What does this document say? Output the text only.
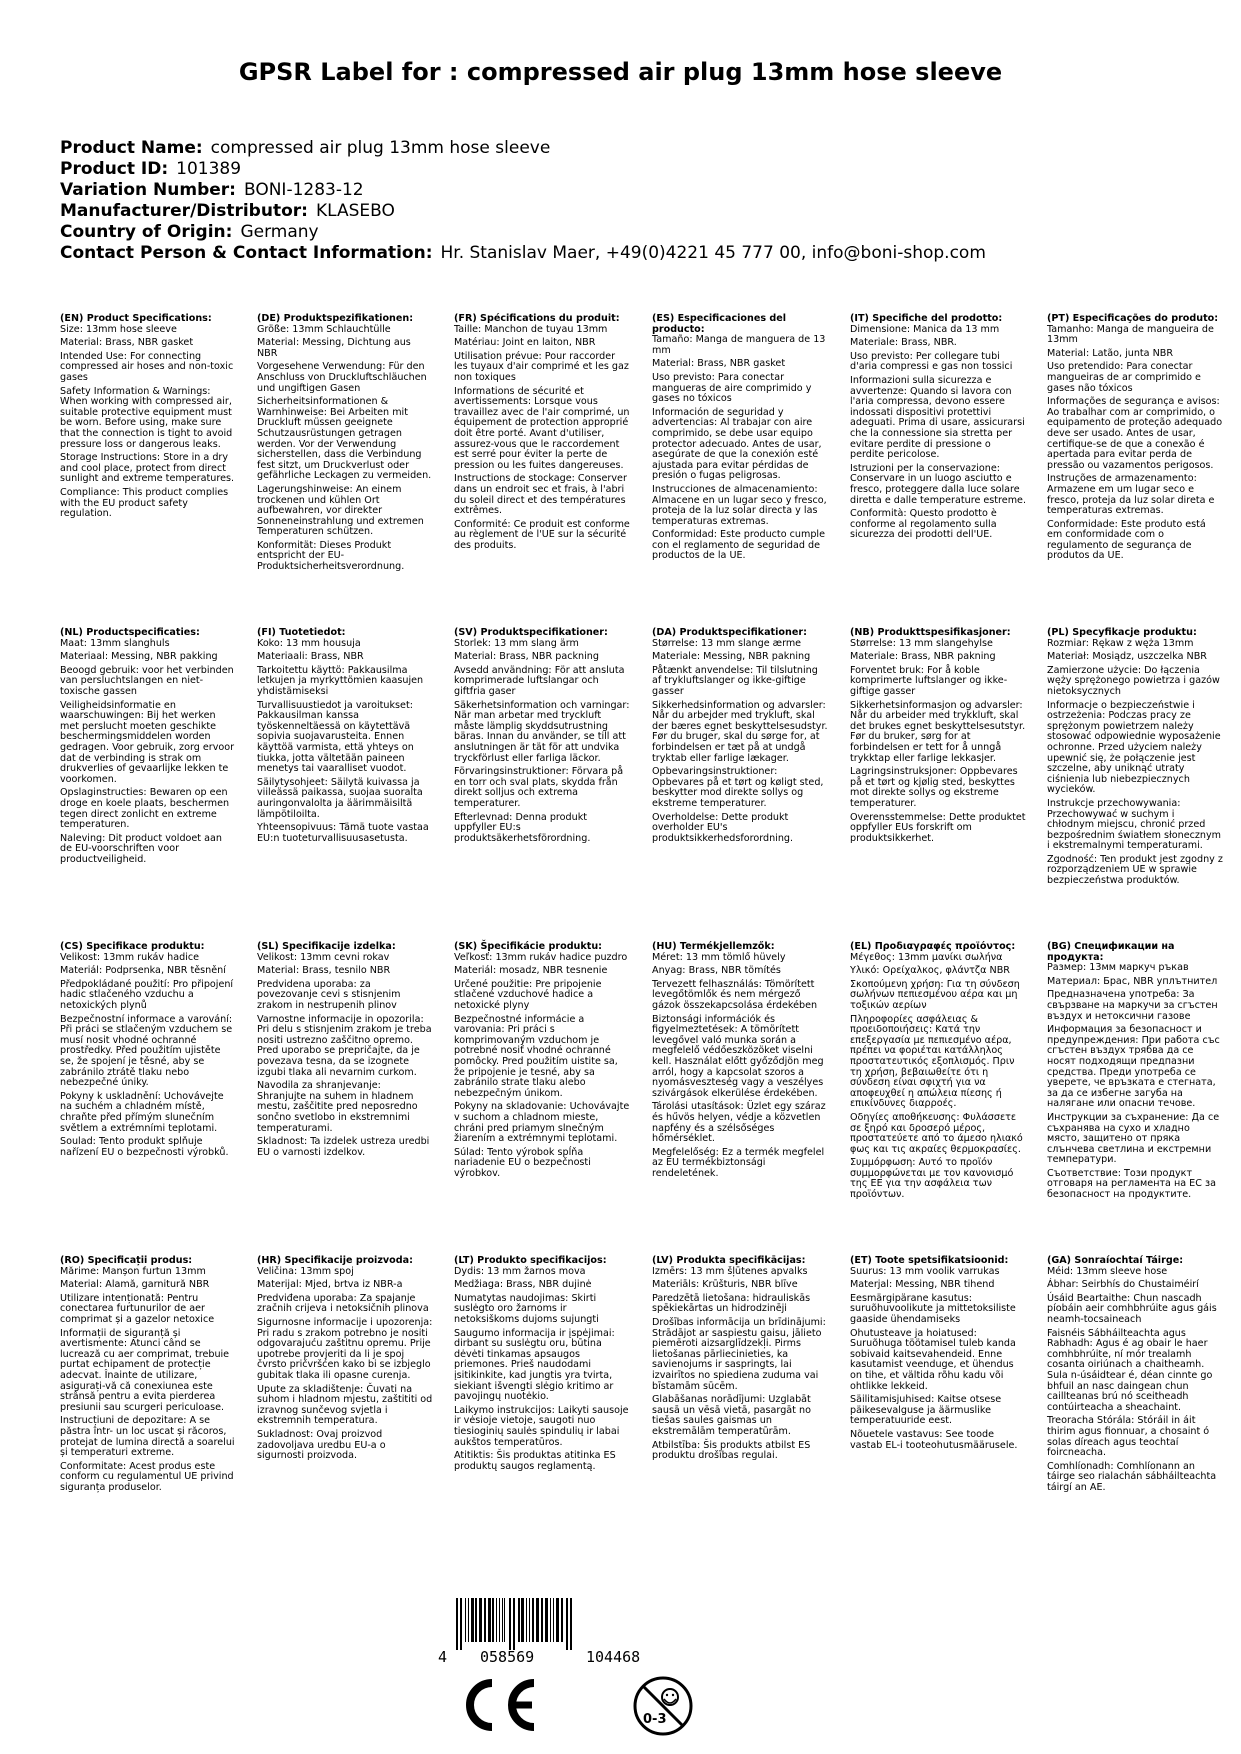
GPSR Label for : compressed air plug 13mm hose sleeve
Product Name: compressed air plug 13mm hose sleeve
Product ID: 101389
Variation Number: BONI-1283-12
Manufacturer/Distributor: KLASEBO
Country of Origin: Germany
Contact Person & Contact Information: Hr. Stanislav Maer, +49(0)4221 45 777 00, info@boni-shop.com
(EN) Product Specifications:
Size: 13mm hose sleeve
Material: Brass, NBR gasket
Intended Use: For connecting compressed air hoses and non-toxic gases
Safety Information & Warnings: When working with compressed air, suitable protective equipment must be worn. Before using, make sure that the connection is tight to avoid pressure loss or dangerous leaks.
Storage Instructions: Store in a dry and cool place, protect from direct sunlight and extreme temperatures.
Compliance: This product complies with the EU product safety regulation.
(DE) Produktspezifikationen:
Größe: 13mm Schlauchtülle
Material: Messing, Dichtung aus NBR
Vorgesehene Verwendung: Für den Anschluss von Druckluftschläuchen und ungiftigen Gasen
Sicherheitsinformationen & Warnhinweise: Bei Arbeiten mit Druckluft müssen geeignete Schutzausrüstungen getragen werden. Vor der Verwendung sicherstellen, dass die Verbindung fest sitzt, um Druckverlust oder gefährliche Leckagen zu vermeiden.
Lagerungshinweise: An einem trockenen und kühlen Ort aufbewahren, vor direkter Sonneneinstrahlung und extremen Temperaturen schützen.
Konformität: Dieses Produkt entspricht der EU-Produktsicherheitsverordnung.
(FR) Spécifications du produit:
Taille: Manchon de tuyau 13mm
Matériau: Joint en laiton, NBR
Utilisation prévue: Pour raccorder les tuyaux d'air comprimé et les gaz non toxiques
Informations de sécurité et avertissements: Lorsque vous travaillez avec de l'air comprimé, un équipement de protection approprié doit être porté. Avant d'utiliser, assurez-vous que le raccordement est serré pour éviter la perte de pression ou les fuites dangereuses.
Instructions de stockage: Conserver dans un endroit sec et frais, à l'abri du soleil direct et des températures extrêmes.
Conformité: Ce produit est conforme au règlement de l'UE sur la sécurité des produits.
(ES) Especificaciones del producto:
Tamaño: Manga de manguera de 13 mm
Material: Brass, NBR gasket
Uso previsto: Para conectar mangueras de aire comprimido y gases no tóxicos
Información de seguridad y advertencias: Al trabajar con aire comprimido, se debe usar equipo protector adecuado. Antes de usar, asegúrate de que la conexión esté ajustada para evitar pérdidas de presión o fugas peligrosas.
Instrucciones de almacenamiento: Almacene en un lugar seco y fresco, proteja de la luz solar directa y las temperaturas extremas.
Conformidad: Este producto cumple con el reglamento de seguridad de productos de la UE.
(IT) Specifiche del prodotto:
Dimensione: Manica da 13 mm
Materiale: Brass, NBR.
Uso previsto: Per collegare tubi d'aria compressi e gas non tossici
Informazioni sulla sicurezza e avvertenze: Quando si lavora con l'aria compressa, devono essere indossati dispositivi protettivi adeguati. Prima di usare, assicurarsi che la connessione sia stretta per evitare perdite di pressione o perdite pericolose.
Istruzioni per la conservazione: Conservare in un luogo asciutto e fresco, proteggere dalla luce solare diretta e dalle temperature estreme.
Conformità: Questo prodotto è conforme al regolamento sulla sicurezza dei prodotti dell'UE.
(PT) Especificações do produto:
Tamanho: Manga de mangueira de 13mm
Material: Latão, junta NBR
Uso pretendido: Para conectar mangueiras de ar comprimido e gases não tóxicos
Informações de segurança e avisos: Ao trabalhar com ar comprimido, o equipamento de proteção adequado deve ser usado. Antes de usar, certifique-se de que a conexão é apertada para evitar perda de pressão ou vazamentos perigosos.
Instruções de armazenamento: Armazene em um lugar seco e fresco, proteja da luz solar direta e temperaturas extremas.
Conformidade: Este produto está em conformidade com o regulamento de segurança de produtos da UE.
(NL) Productspecificaties:
Maat: 13mm slanghuls
Materiaal: Messing, NBR pakking
Beoogd gebruik: voor het verbinden van persluchtslangen en niet-toxische gassen
Veiligheidsinformatie en waarschuwingen: Bij het werken met perslucht moeten geschikte beschermingsmiddelen worden gedragen. Voor gebruik, zorg ervoor dat de verbinding is strak om drukverlies of gevaarlijke lekken te voorkomen.
Opslaginstructies: Bewaren op een droge en koele plaats, beschermen tegen direct zonlicht en extreme temperaturen.
Naleving: Dit product voldoet aan de EU-voorschriften voor productveiligheid.
(FI) Tuotetiedot:
Koko: 13 mm housuja
Materiaali: Brass, NBR
Tarkoitettu käyttö: Pakkausilma letkujen ja myrkyttömien kaasujen yhdistämiseksi
Turvallisuustiedot ja varoitukset: Pakkausilman kanssa työskenneltäessä on käytettävä sopivia suojavarusteita. Ennen käyttöä varmista, että yhteys on tiukka, jotta vältetään paineen menetys tai vaaralliset vuodot.
Säilytysohjeet: Säilytä kuivassa ja viileässä paikassa, suojaa suoralta auringonvalolta ja äärimmäisiltä lämpötiloilta.
Yhteensopivuus: Tämä tuote vastaa EU:n tuoteturvallisuusasetusta.
(SV) Produktspecifikationer:
Storlek: 13 mm slang ärm
Material: Brass, NBR packning
Avsedd användning: För att ansluta komprimerade luftslangar och giftfria gaser
Säkerhetsinformation och varningar: När man arbetar med tryckluft måste lämplig skyddsutrustning bäras. Innan du använder, se till att anslutningen är tät för att undvika tryckförlust eller farliga läckor.
Förvaringsinstruktioner: Förvara på en torr och sval plats, skydda från direkt solljus och extrema temperaturer.
Efterlevnad: Denna produkt uppfyller EU:s produktsäkerhetsförordning.
(DA) Produktspecifikationer:
Størrelse: 13 mm slange ærme
Materiale: Messing, NBR pakning
Påtænkt anvendelse: Til tilslutning af trykluftslanger og ikke-giftige gasser
Sikkerhedsinformation og advarsler: Når du arbejder med trykluft, skal der bæres egnet beskyttelsesudstyr. Før du bruger, skal du sørge for, at forbindelsen er tæt på at undgå tryktab eller farlige lækager.
Opbevaringsinstruktioner: Opbevares på et tørt og køligt sted, beskytter mod direkte sollys og ekstreme temperaturer.
Overholdelse: Dette produkt overholder EU's produktsikkerhedsforordning.
(NB) Produkttspesifikasjoner:
Størrelse: 13 mm slangehylse
Materiale: Brass, NBR pakning
Forventet bruk: For å koble komprimerte luftslanger og ikke-giftige gasser
Sikkerhetsinformasjon og advarsler: Når du arbeider med trykkluft, skal det brukes egnet beskyttelsesutstyr. Før du bruker, sørg for at forbindelsen er tett for å unngå trykktap eller farlige lekkasjer.
Lagringsinstruksjoner: Oppbevares på et tørt og kjølig sted, beskyttes mot direkte sollys og ekstreme temperaturer.
Overensstemmelse: Dette produktet oppfyller EUs forskrift om produktsikkerhet.
(PL) Specyfikacje produktu:
Rozmiar: Rękaw z węża 13mm
Materiał: Mosiądz, uszczelka NBR
Zamierzone użycie: Do łączenia węży sprężonego powietrza i gazów nietoksycznych
Informacje o bezpieczeństwie i ostrzeżenia: Podczas pracy ze sprężonym powietrzem należy stosować odpowiednie wyposażenie ochronne. Przed użyciem należy upewnić się, że połączenie jest szczelne, aby uniknąć utraty ciśnienia lub niebezpiecznych wycieków.
Instrukcje przechowywania: Przechowywać w suchym i chłodnym miejscu, chronić przed bezpośrednim światłem słonecznym i ekstremalnymi temperaturami.
Zgodność: Ten produkt jest zgodny z rozporządzeniem UE w sprawie bezpieczeństwa produktów.
(CS) Specifikace produktu:
Velikost: 13mm rukáv hadice
Materiál: Podprsenka, NBR těsnění
Předpokládané použití: Pro připojení hadic stlačeného vzduchu a netoxických plynů
Bezpečnostní informace a varování: Při práci se stlačeným vzduchem se musí nosit vhodné ochranné prostředky. Před použitím ujistěte se, že spojení je těsné, aby se zabránilo ztrátě tlaku nebo nebezpečné úniky.
Pokyny k uskladnění: Uchovávejte na suchém a chladném místě, chraňte před přímým slunečním světlem a extrémními teplotami.
Soulad: Tento produkt splňuje nařízení EU o bezpečnosti výrobků.
(SL) Specifikacije izdelka:
Velikost: 13mm cevni rokav
Material: Brass, tesnilo NBR
Predvidena uporaba: za povezovanje cevi s stisnjenim zrakom in nestrupenih plinov
Varnostne informacije in opozorila: Pri delu s stisnjenim zrakom je treba nositi ustrezno zaščitno opremo. Pred uporabo se prepričajte, da je povezava tesna, da se izognete izgubi tlaka ali nevarnim curkom.
Navodila za shranjevanje: Shranjujte na suhem in hladnem mestu, zaščitite pred neposredno sončno svetlobo in ekstremnimi temperaturami.
Skladnost: Ta izdelek ustreza uredbi EU o varnosti izdelkov.
(SK) Špecifikácie produktu:
Veľkosť: 13mm rukáv hadice puzdro
Materiál: mosadz, NBR tesnenie
Určené použitie: Pre pripojenie stlačené vzduchové hadice a netoxické plyny
Bezpečnostné informácie a varovania: Pri práci s komprimovaným vzduchom je potrebné nosiť vhodné ochranné pomôcky. Pred použitím uistite sa, že pripojenie je tesné, aby sa zabránilo strate tlaku alebo nebezpečným únikom.
Pokyny na skladovanie: Uchovávajte v suchom a chladnom mieste, chráni pred priamym slnečným žiarením a extrémnymi teplotami.
Súlad: Tento výrobok spĺňa nariadenie EÚ o bezpečnosti výrobkov.
(HU) Termékjellemzők:
Méret: 13 mm tömlő hüvely
Anyag: Brass, NBR tömítés
Tervezett felhasználás: Tömörített levegőtömlők és nem mérgező gázok összekapcsolása érdekében
Biztonsági információk és figyelmeztetések: A tömörített levegővel való munka során a megfelelő védőeszközöket viselni kell. Használat előtt győződjön meg arról, hogy a kapcsolat szoros a nyomásveszteség vagy a veszélyes szivárgások elkerülése érdekében.
Tárolási utasítások: Üzlet egy száraz és hűvös helyen, védje a közvetlen napfény és a szélsőséges hőmérséklet.
Megfelelőség: Ez a termék megfelel az EU termékbiztonsági rendeletének.
(EL) Προδιαγραφές προϊόντος:
Μέγεθος: 13mm μανίκι σωλήνα
Υλικό: Ορείχαλκος, φλάντζα NBR
Σκοπούμενη χρήση: Για τη σύνδεση σωλήνων πεπιεσμένου αέρα και μη τοξικών αερίων
Πληροφορίες ασφάλειας & προειδοποιήσεις: Κατά την επεξεργασία με πεπιεσμένο αέρα, πρέπει να φοριέται κατάλληλος προστατευτικός εξοπλισμός. Πριν τη χρήση, βεβαιωθείτε ότι η σύνδεση είναι σφιχτή για να αποφευχθεί η απώλεια πίεσης ή επικίνδυνες διαρροές.
Οδηγίες αποθήκευσης: Φυλάσσετε σε ξηρό και δροσερό μέρος, προστατεύετε από το άμεσο ηλιακό φως και τις ακραίες θερμοκρασίες.
Συμμόρφωση: Αυτό το προϊόν συμμορφώνεται με τον κανονισμό της ΕΕ για την ασφάλεια των προϊόντων.
(BG) Спецификации на продукта:
Размер: 13мм маркуч ръкав
Материал: Брас, NBR уплътнител
Предназначена употреба: За свързване на маркучи за сгъстен въздух и нетоксични газове
Информация за безопасност и предупреждения: При работа със сгъстен въздух трябва да се носят подходящи предпазни средства. Преди употреба се уверете, че връзката е стегната, за да се избегне загуба на налягане или опасни течове.
Инструкции за съхранение: Да се съхранява на сухо и хладно място, защитено от пряка слънчева светлина и екстремни температури.
Съответствие: Този продукт отговаря на регламента на ЕС за безопасност на продуктите.
(RO) Specificații produs:
Mărime: Manșon furtun 13mm
Material: Alamă, garnitură NBR
Utilizare intenționată: Pentru conectarea furtunurilor de aer comprimat și a gazelor netoxice
Informații de siguranță și avertismente: Atunci când se lucrează cu aer comprimat, trebuie purtat echipament de protecție adecvat. Înainte de utilizare, asigurați-vă că conexiunea este strânsă pentru a evita pierderea presiunii sau scurgeri periculoase.
Instrucțiuni de depozitare: A se păstra într- un loc uscat și răcoros, protejat de lumina directă a soarelui și temperaturi extreme.
Conformitate: Acest produs este conform cu regulamentul UE privind siguranța produselor.
(HR) Specifikacije proizvoda:
Veličina: 13mm spoj
Materijal: Mjed, brtva iz NBR-a
Predviđena uporaba: Za spajanje zračnih crijeva i netoksičnih plinova
Sigurnosne informacije i upozorenja: Pri radu s zrakom potrebno je nositi odgovarajuću zaštitnu opremu. Prije upotrebe provjeriti da li je spoj čvrsto pričvršćen kako bi se izbjeglo gubitak tlaka ili opasne curenja.
Upute za skladištenje: Čuvati na suhom i hladnom mjestu, zaštititi od izravnog sunčevog svjetla i ekstremnih temperatura.
Sukladnost: Ovaj proizvod zadovoljava uredbu EU-a o sigurnosti proizvoda.
(LT) Produkto specifikacijos:
Dydis: 13 mm žarnos mova
Medžiaga: Brass, NBR dujinė
Numatytas naudojimas: Skirti suslėgto oro žarnoms ir netoksiškoms dujoms sujungti
Saugumo informacija ir įspėjimai: dirbant su suslėgtu oru, būtina dėvėti tinkamas apsaugos priemones. Prieš naudodami įsitikinkite, kad jungtis yra tvirta, siekiant išvengti slėgio kritimo ar pavojingų nuotėkio.
Laikymo instrukcijos: Laikyti sausoje ir vėsioje vietoje, saugoti nuo tiesioginių saulės spindulių ir labai aukštos temperatūros.
Atitiktis: Šis produktas atitinka ES produktų saugos reglamentą.
(LV) Produkta specifikācijas:
Izmērs: 13 mm šļūtenes apvalks
Materiāls: Krūšturis, NBR blīve
Paredzētā lietošana: hidrauliskās spēkiekārtas un hidrodzinēji
Drošības informācija un brīdinājumi: Strādājot ar saspiestu gaisu, jālieto piemēroti aizsarglīdzekļi. Pirms lietošanas pārliecinieties, ka savienojums ir saspringts, lai izvairītos no spiediena zuduma vai bīstamām sūcēm.
Glabāšanas norādījumi: Uzglabāt sausā un vēsā vietā, pasargāt no tiešas saules gaismas un ekstremālām temperatūrām.
Atbilstība: Šis produkts atbilst ES produktu drošības regulai.
(ET) Toote spetsifikatsioonid:
Suurus: 13 mm voolik varrukas
Materjal: Messing, NBR tihend
Eesmärgipärane kasutus: suruõhuvoolikute ja mittetoksiliste gaaside ühendamiseks
Ohutusteave ja hoiatused: Suruõhuga töötamisel tuleb kanda sobivaid kaitsevahendeid. Enne kasutamist veenduge, et ühendus on tihe, et vältida rõhu kadu või ohtlikke lekkeid.
Säilitamisjuhised: Kaitse otsese päikesevalguse ja äärmuslike temperatuuride eest.
Nõuetele vastavus: See toode vastab EL-i tooteohutusmäärusele.
(GA) Sonraíochtaí Táirge:
Méid: 13mm sleeve hose
Ábhar: Seirbhís do Chustaiméirí
Úsáid Beartaithe: Chun nascadh píobáin aeir comhbhrúite agus gáis neamh-tocsaineach
Faisnéis Sábháilteachta agus Rabhadh: Agus é ag obair le haer comhbhrúite, ní mór trealamh cosanta oiriúnach a chaitheamh. Sula n-úsáidtear é, déan cinnte go bhfuil an nasc daingean chun caillteanas brú nó sceitheadh contúirteacha a sheachaint.
Treoracha Stórála: Stóráil in áit thirim agus fionnuar, a chosaint ó solas díreach agus teochtaí foircneacha.
Comhlíonadh: Comhlíonann an táirge seo rialachán sábháilteachta táirgí an AE.
4 058569	104468
0-3
